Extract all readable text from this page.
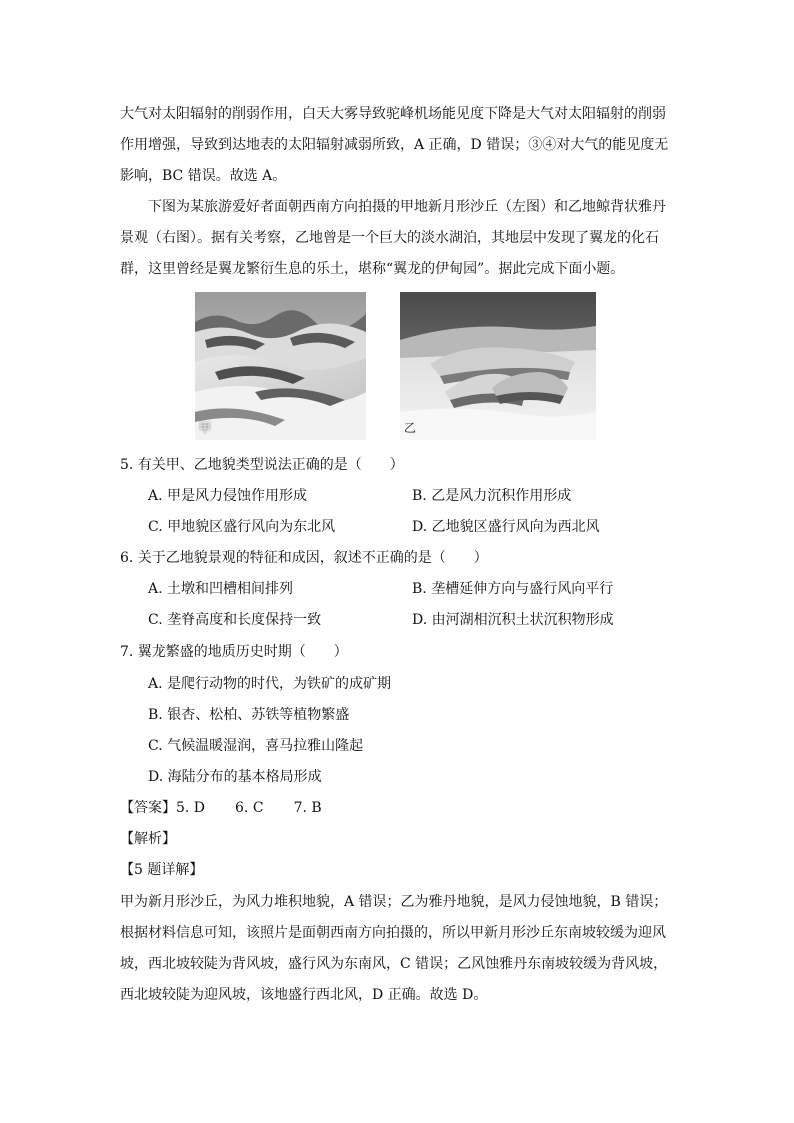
大气对太阳辐射的削弱作用，白天大雾导致驼峰机场能见度下降是大气对太阳辐射的削弱
作用增强，导致到达地表的太阳辐射减弱所致，A 正确，D 错误；③④对大气的能见度无
影响，BC 错误。故选 A。
下图为某旅游爱好者面朝西南方向拍摄的甲地新月形沙丘（左图）和乙地鲸背状雅丹
景观（右图）。据有关考察，乙地曾是一个巨大的淡水湖泊，其地层中发现了翼龙的化石
群，这里曾经是翼龙繁衍生息的乐土，堪称“翼龙的伊甸园”。据此完成下面小题。
甲	乙
5. 有关甲、乙地貌类型说法正确的是（　　）
A. 甲是风力侵蚀作用形成	B. 乙是风力沉积作用形成
C. 甲地貌区盛行风向为东北风	D. 乙地貌区盛行风向为西北风
6. 关于乙地貌景观的特征和成因，叙述不正确的是（　　）
A. 土墩和凹槽相间排列	B. 垄槽延伸方向与盛行风向平行
C. 垄脊高度和长度保持一致	D. 由河湖相沉积土状沉积物形成
7. 翼龙繁盛的地质历史时期（　　）
A. 是爬行动物的时代，为铁矿的成矿期
B. 银杏、松柏、苏铁等植物繁盛
C. 气候温暖湿润，喜马拉雅山隆起
D. 海陆分布的基本格局形成
【答案】5. D 6. C 7. B
【解析】
【5 题详解】
甲为新月形沙丘，为风力堆积地貌，A 错误；乙为雅丹地貌，是风力侵蚀地貌，B 错误；
根据材料信息可知，该照片是面朝西南方向拍摄的，所以甲新月形沙丘东南坡较缓为迎风
坡，西北坡较陡为背风坡，盛行风为东南风，C 错误；乙风蚀雅丹东南坡较缓为背风坡，
西北坡较陡为迎风坡，该地盛行西北风，D 正确。故选 D。
